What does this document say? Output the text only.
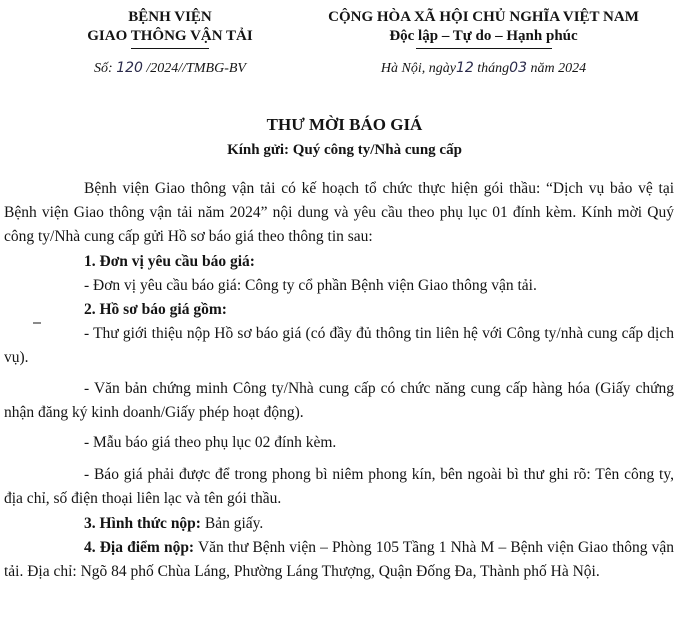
BỆNH VIỆN
GIAO THÔNG VẬN TẢI
CỘNG HÒA XÃ HỘI CHỦ NGHĨA VIỆT NAM
Độc lập – Tự do – Hạnh phúc
Số: 120 /2024//TMBG-BV	Hà Nội, ngày12 tháng03 năm 2024
THƯ MỜI BÁO GIÁ
Kính gửi: Quý công ty/Nhà cung cấp

Bệnh viện Giao thông vận tải có kế hoạch tổ chức thực hiện gói thầu: “Dịch vụ bảo vệ tại Bệnh viện Giao thông vận tải năm 2024” nội dung và yêu cầu theo phụ lục 01 đính kèm. Kính mời Quý công ty/Nhà cung cấp gửi Hồ sơ báo giá theo thông tin sau:

1. Đơn vị yêu cầu báo giá:

- Đơn vị yêu cầu báo giá: Công ty cổ phần Bệnh viện Giao thông vận tải.

2. Hồ sơ báo giá gồm:

- Thư giới thiệu nộp Hồ sơ báo giá (có đầy đủ thông tin liên hệ với Công ty/nhà cung cấp dịch vụ).

- Văn bản chứng minh Công ty/Nhà cung cấp có chức năng cung cấp hàng hóa (Giấy chứng nhận đăng ký kinh doanh/Giấy phép hoạt động).

- Mẫu báo giá theo phụ lục 02 đính kèm.

- Báo giá phải được để trong phong bì niêm phong kín, bên ngoài bì thư ghi rõ: Tên công ty, địa chỉ, số điện thoại liên lạc và tên gói thầu.

3. Hình thức nộp: Bản giấy.

4. Địa điểm nộp: Văn thư Bệnh viện – Phòng 105 Tầng 1 Nhà M – Bệnh viện Giao thông vận tải. Địa chỉ: Ngõ 84 phố Chùa Láng, Phường Láng Thượng, Quận Đống Đa, Thành phố Hà Nội.
